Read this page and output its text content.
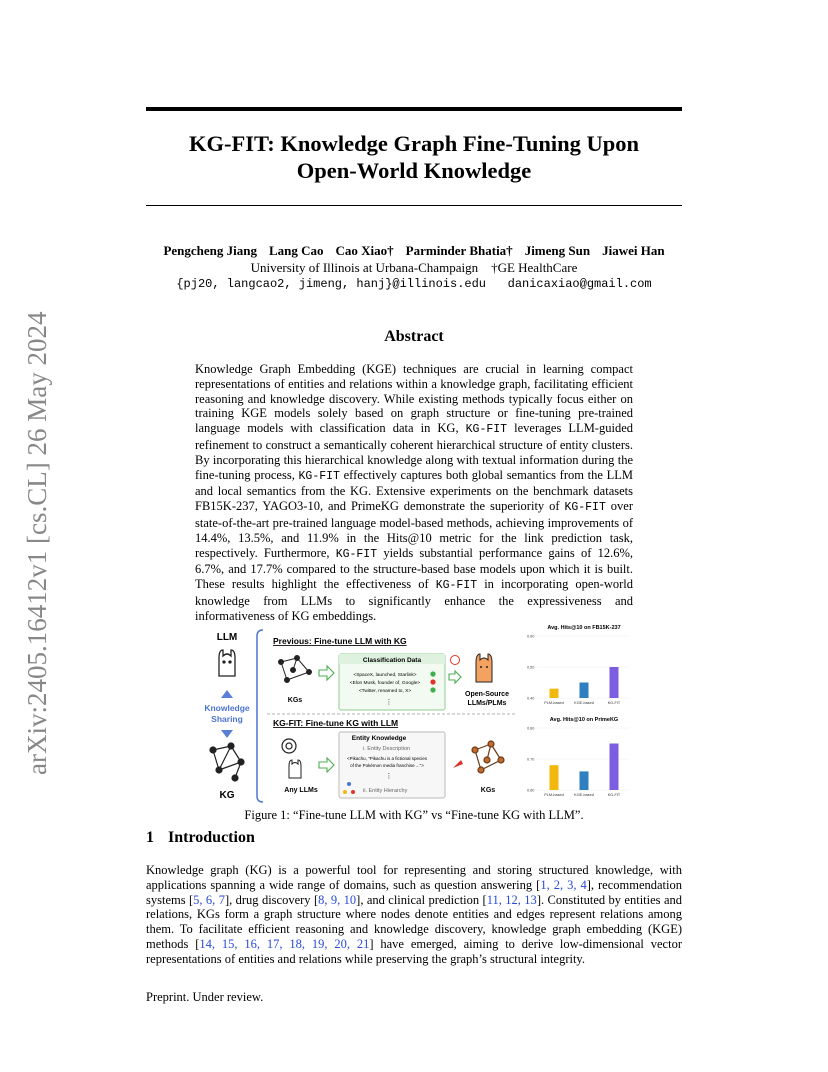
arXiv:2405.16412v1 [cs.CL] 26 May 2024
KG-FIT: Knowledge Graph Fine-Tuning Upon
Open-World Knowledge
Pengcheng Jiang Lang Cao Cao Xiao† Parminder Bhatia† Jimeng Sun Jiawei Han
University of Illinois at Urbana-Champaign    †GE HealthCare
{pj20, langcao2, jimeng, hanj}@illinois.edu   danicaxiao@gmail.com
Abstract
Knowledge Graph Embedding (KGE) techniques are crucial in learning compact representations of entities and relations within a knowledge graph, facilitating efficient reasoning and knowledge discovery. While existing methods typically focus either on training KGE models solely based on graph structure or fine-tuning pre-trained language models with classification data in KG, KG-FIT leverages LLM-guided refinement to construct a semantically coherent hierarchical structure of entity clusters. By incorporating this hierarchical knowledge along with textual information during the fine-tuning process, KG-FIT effectively captures both global semantics from the LLM and local semantics from the KG. Extensive experiments on the benchmark datasets FB15K-237, YAGO3-10, and PrimeKG demonstrate the superiority of KG-FIT over state-of-the-art pre-trained language model-based methods, achieving improvements of 14.4%, 13.5%, and 11.9% in the Hits@10 metric for the link prediction task, respectively. Furthermore, KG-FIT yields substantial performance gains of 12.6%, 6.7%, and 17.7% compared to the structure-based base models upon which it is built. These results highlight the effectiveness of KG-FIT in incorporating open-world knowledge from LLMs to significantly enhance the expressiveness and informativeness of KG embeddings.
LLM
Knowledge
Sharing
KG
Previous: Fine-tune LLM with KG
KGs
Classification Data
<SpaceX, launched, Starlink>
<Elon Musk, founder of, Google>
<Twitter, renamed to, X>
⋮
Open-Source
LLMs/PLMs
KG-FIT: Fine-tune KG with LLM
Any LLMs
Entity Knowledge
i. Entity Description
<Pikachu, "Pikachu is a fictional species
of the Pokémon media franchise ...">
⋮
ii. Entity Hierarchy	KGs
Avg. Hits@10 on FB15K-237
0.40
0.50
0.60
PLM-based	KGE-based	KG-FIT
Avg. Hits@10 on PrimeKG
0.60
0.70
0.80
PLM-based	KGE-based	KG-FIT
Figure 1: “Fine-tune LLM with KG” vs “Fine-tune KG with LLM”.
1 Introduction
Knowledge graph (KG) is a powerful tool for representing and storing structured knowledge, with applications spanning a wide range of domains, such as question answering [1, 2, 3, 4], recommendation systems [5, 6, 7], drug discovery [8, 9, 10], and clinical prediction [11, 12, 13]. Constituted by entities and relations, KGs form a graph structure where nodes denote entities and edges represent relations among them. To facilitate efficient reasoning and knowledge discovery, knowledge graph embedding (KGE) methods [14, 15, 16, 17, 18, 19, 20, 21] have emerged, aiming to derive low-dimensional vector representations of entities and relations while preserving the graph’s structural integrity.
Preprint. Under review.
